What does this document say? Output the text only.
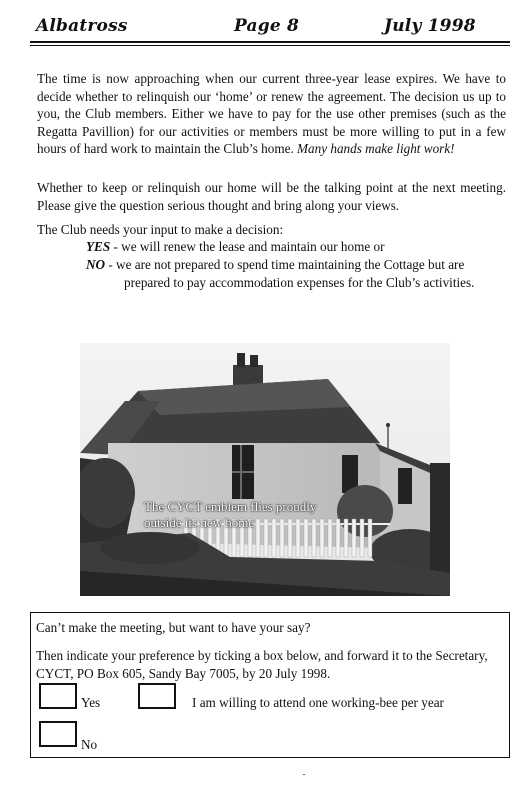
Albatross	Page 8	July 1998
The time is now approaching when our current three-year lease expires. We have to decide whether to relinquish our ‘home’ or renew the agreement. The decision us up to you, the Club members. Either we have to pay for the use other premises (such as the Regatta Pavillion) for our activities or members must be more willing to put in a few hours of hard work to maintain the Club’s home. Many hands make light work!
Whether to keep or relinquish our home will be the talking point at the next meeting. Please give the question serious thought and bring along your views.
The Club needs your input to make a decision:
YES - we will renew the lease and maintain our home or
NO - we are not prepared to spend time maintaining the Cottage but are
prepared to pay accommodation expenses for the Club’s activities.
The CYCT emblem flies proudly
outside its new home
Can’t make the meeting, but want to have your say?
Then indicate your preference by ticking a box below, and forward it to the Secretary, CYCT, PO Box 605, Sandy Bay 7005, by 20 July 1998.
Yes	I am willing to attend one working-bee per year
No
